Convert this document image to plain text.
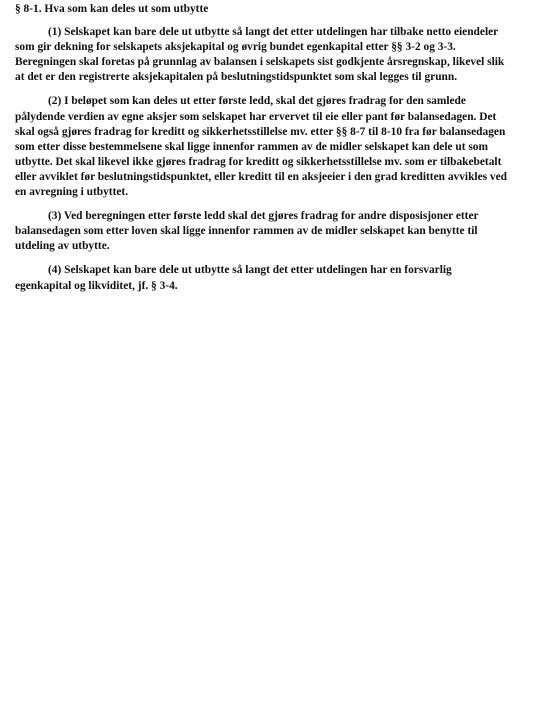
§ 8-1. Hva som kan deles ut som utbytte

(1) Selskapet kan bare dele ut utbytte så langt det etter utdelingen har tilbake netto eiendeler som gir dekning for selskapets aksjekapital og øvrig bundet egenkapital etter §§ 3-2 og 3-3. Beregningen skal foretas på grunnlag av balansen i selskapets sist godkjente årsregnskap, likevel slik at det er den registrerte aksjekapitalen på beslutningstidspunktet som skal legges til grunn.

(2) I beløpet som kan deles ut etter første ledd, skal det gjøres fradrag for den samlede pålydende verdien av egne aksjer som selskapet har ervervet til eie eller pant før balansedagen. Det skal også gjøres fradrag for kreditt og sikkerhetsstillelse mv. etter §§ 8-7 til 8-10 fra før balansedagen som etter disse bestemmelsene skal ligge innenfor rammen av de midler selskapet kan dele ut som utbytte. Det skal likevel ikke gjøres fradrag for kreditt og sikkerhetsstillelse mv. som er tilbakebetalt eller avviklet før beslutningstidspunktet, eller kreditt til en aksjeeier i den grad kreditten avvikles ved en avregning i utbyttet.

(3) Ved beregningen etter første ledd skal det gjøres fradrag for andre disposisjoner etter balansedagen som etter loven skal ligge innenfor rammen av de midler selskapet kan benytte til utdeling av utbytte.

(4) Selskapet kan bare dele ut utbytte så langt det etter utdelingen har en forsvarlig egenkapital og likviditet, jf. § 3-4.
